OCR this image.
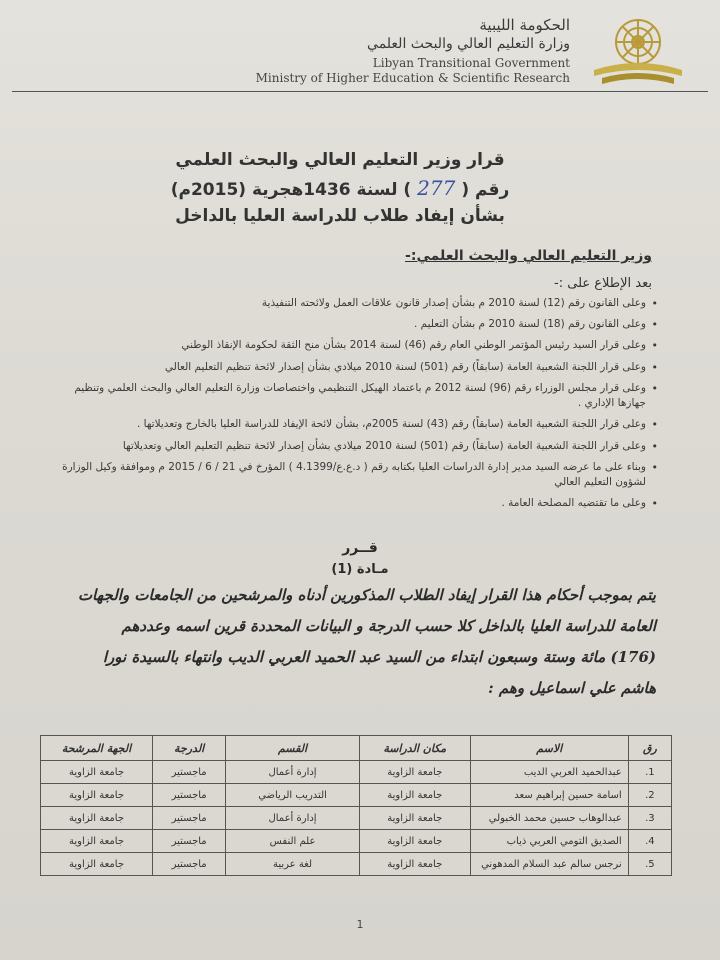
الحكومة الليبية
وزارة التعليم العالي والبحث العلمي
Libyan Transitional Government
Ministry of Higher Education & Scientific Research
قرار وزير التعليم العالي والبحث العلمي
رقم (277) لسنة 1436هجرية (2015م)
بشأن إيفاد طلاب للدراسة العليا بالداخل
وزير التعليم العالي والبحث العلمي:-
بعد الإطلاع على :-
• وعلى القانون رقم (12) لسنة 2010 م بشأن إصدار قانون علاقات العمل ولائحته التنفيذية
• وعلى القانون رقم (18) لسنة 2010 م بشأن التعليم .
• وعلى قرار السيد رئيس المؤتمر الوطني العام رقم (46) لسنة 2014 بشأن منح الثقة لحكومة الإنقاذ الوطني
• وعلى قرار اللجنة الشعبية العامة (سابقاً) رقم (501) لسنة 2010 ميلادي بشأن إصدار لائحة تنظيم التعليم العالي
• وعلى قرار مجلس الوزراء رقم (96) لسنة 2012 م باعتماد الهيكل التنظيمي واختصاصات وزارة التعليم العالي والبحث العلمي وتنظيم جهازها الإداري .
• وعلى قرار اللجنة الشعبية العامة (سابقاً) رقم (43) لسنة 2005م، بشأن لائحة الإيفاد للدراسة العليا بالخارج وتعديلاتها .
• وعلى قرار اللجنة الشعبية العامة (سابقاً) رقم (501) لسنة 2010 ميلادي بشأن إصدار لائحة تنظيم التعليم العالي وتعديلاتها
• وبناء على ما عرضه السيد مدير إدارة الدراسات العليا بكتابه رقم ( د.ع.ع/4.1399 ) المؤرخ في 21 / 6 / 2015 م وموافقة وكيل الوزارة لشؤون التعليم العالي
• وعلى ما تقتضيه المصلحة العامة .
قــرر
مـادة (1)
يتم بموجب أحكام هذا القرار إيفاد الطلاب المذكورين أدناه والمرشحين من الجامعات والجهات العامة للدراسة العليا بالداخل كلا حسب الدرجة و البيانات المحددة قرين اسمه وعددهم (176) مائة وستة وسبعون ابتداء من السيد عبد الحميد العربي الديب وانتهاء بالسيدة نورا هاشم علي اسماعيل وهم :
رق	الاسم	مكان الدراسة	القسم	الدرجة	الجهة المرشحة
1.	عبدالحميد العربي الديب	جامعة الزاوية	إدارة أعمال	ماجستير	جامعة الزاوية
2.	اسامة حسين إبراهيم سعد	جامعة الزاوية	التدريب الرياضي	ماجستير	جامعة الزاوية
3.	عبدالوهاب حسين محمد الخبولي	جامعة الزاوية	إدارة أعمال	ماجستير	جامعة الزاوية
4.	الصديق التومي العربي ذياب	جامعة الزاوية	علم النفس	ماجستير	جامعة الزاوية
5.	نرجس سالم عبد السلام المدهوني	جامعة الزاوية	لغة عربية	ماجستير	جامعة الزاوية
1
